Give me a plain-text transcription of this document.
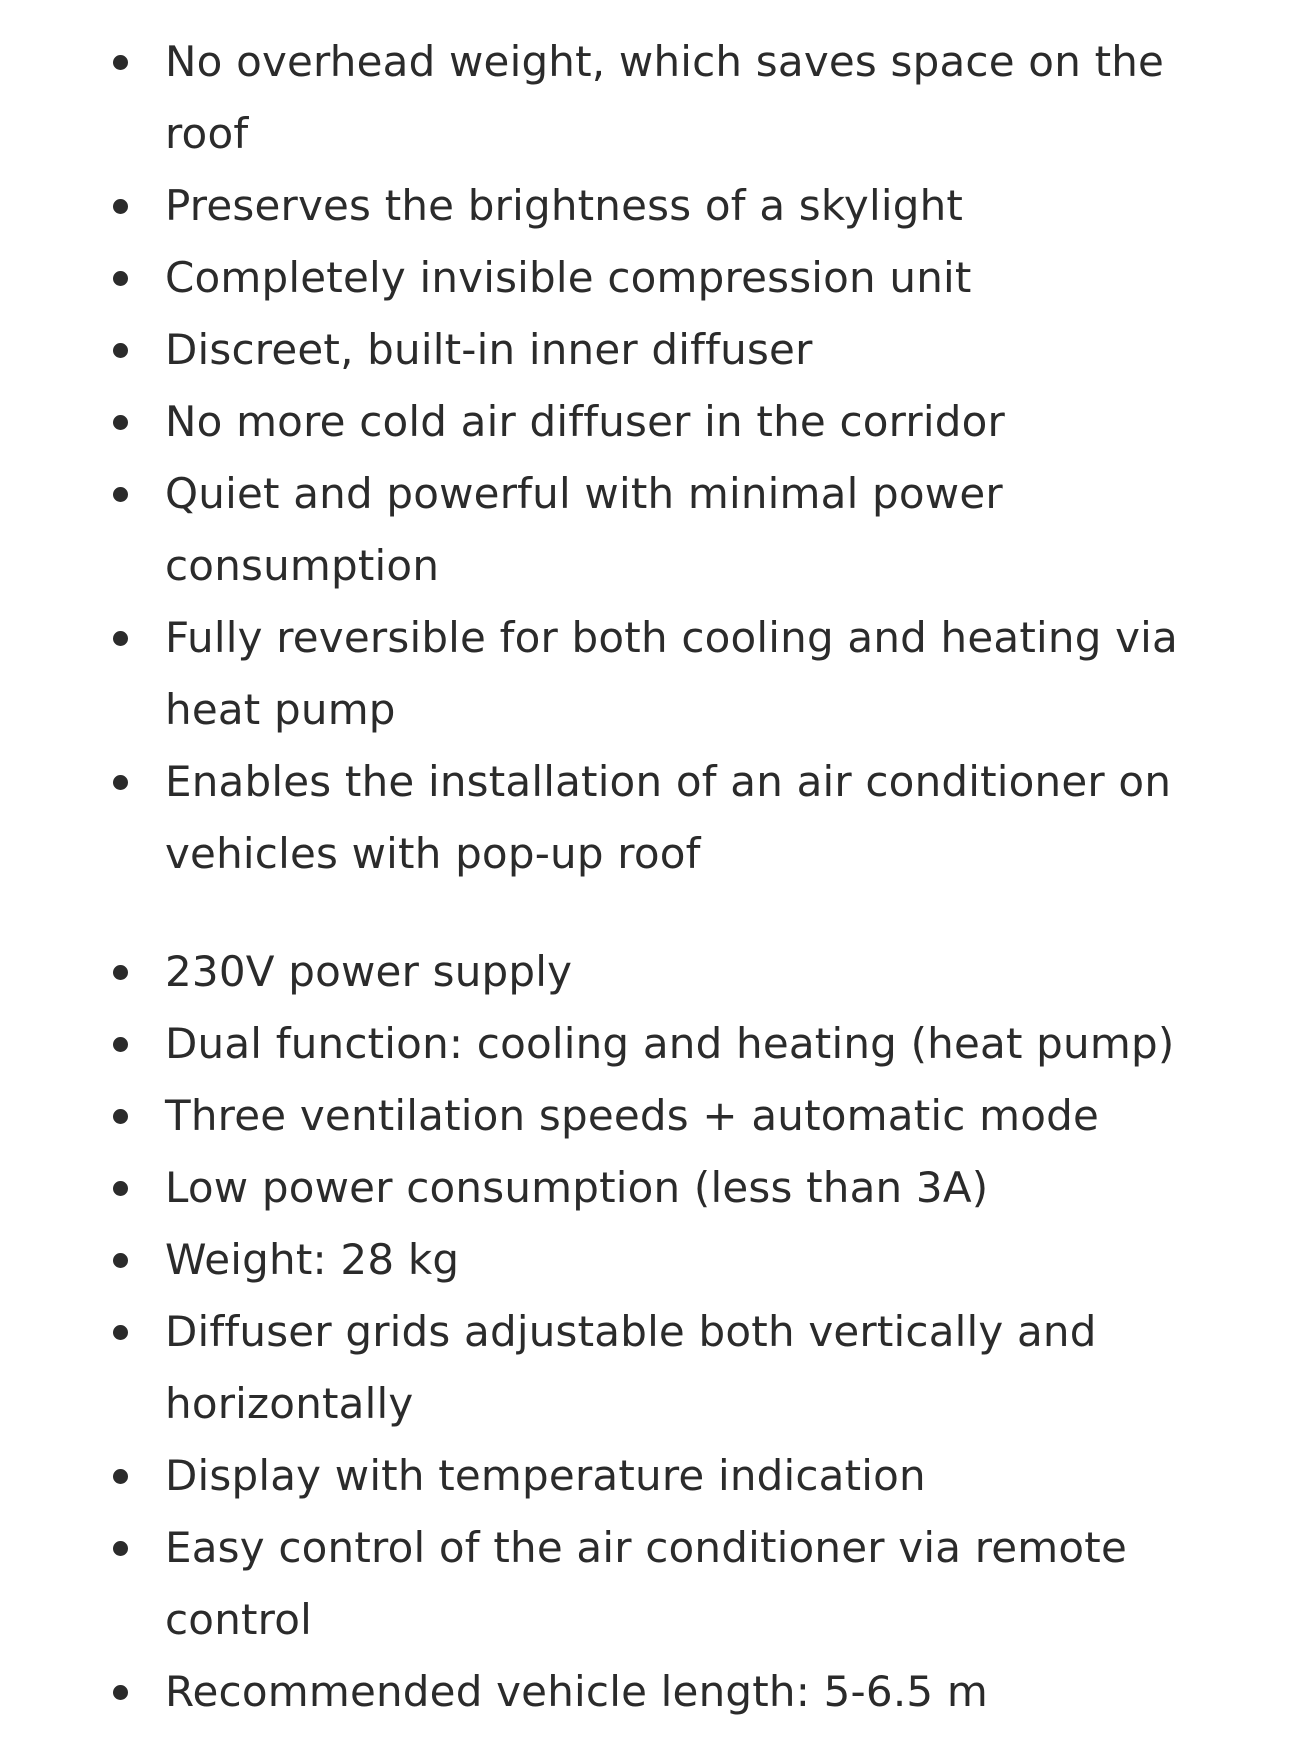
No overhead weight, which saves space on the roof
Preserves the brightness of a skylight
Completely invisible compression unit
Discreet, built-in inner diffuser
No more cold air diffuser in the corridor
Quiet and powerful with minimal power consumption
Fully reversible for both cooling and heating via heat pump
Enables the installation of an air conditioner on vehicles with pop-up roof
230V power supply
Dual function: cooling and heating (heat pump)
Three ventilation speeds + automatic mode
Low power consumption (less than 3A)
Weight: 28 kg
Diffuser grids adjustable both vertically and horizontally
Display with temperature indication
Easy control of the air conditioner via remote control
Recommended vehicle length: 5-6.5 m
